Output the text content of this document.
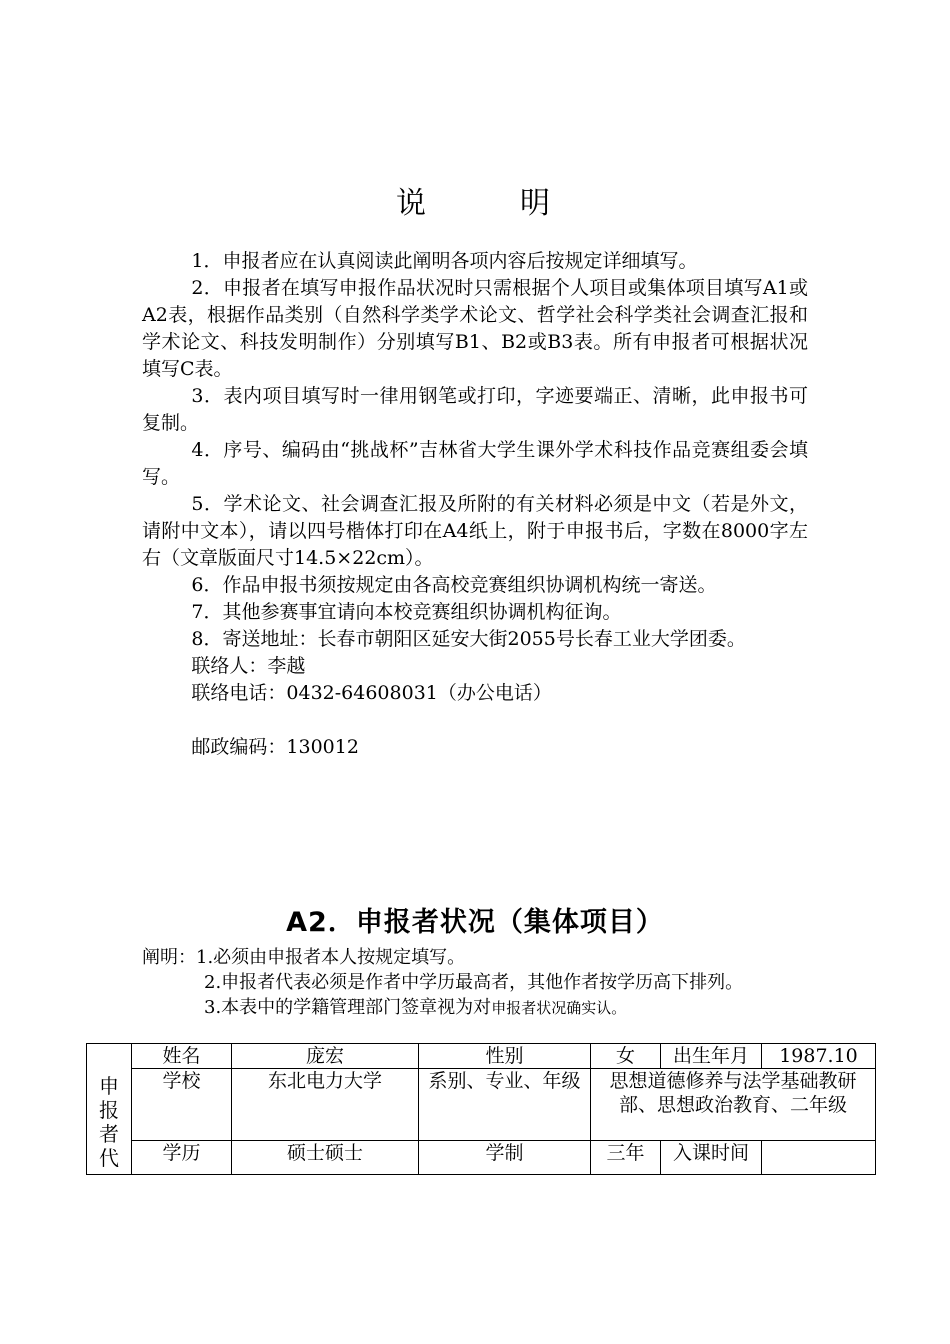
说	明

1．申报者应在认真阅读此阐明各项内容后按规定详细填写。

2．申报者在填写申报作品状况时只需根据个人项目或集体项目填写A1或A2表，根据作品类别（自然科学类学术论文、哲学社会科学类社会调查汇报和学术论文、科技发明制作）分别填写B1、B2或B3表。所有申报者可根据状况填写C表。

3．表内项目填写时一律用钢笔或打印，字迹要端正、清晰，此申报书可复制。

4．序号、编码由“挑战杯”吉林省大学生课外学术科技作品竞赛组委会填写。

5．学术论文、社会调查汇报及所附的有关材料必须是中文（若是外文，请附中文本），请以四号楷体打印在A4纸上，附于申报书后，字数在8000字左右（文章版面尺寸14.5×22cm）。

6．作品申报书须按规定由各高校竞赛组织协调机构统一寄送。

7．其他参赛事宜请向本校竞赛组织协调机构征询。

8．寄送地址：长春市朝阳区延安大街2055号长春工业大学团委。

联络人：李越

联络电话：0432-64608031（办公电话）

邮政编码：130012

A2．申报者状况（集体项目）

阐明：1.必须由申报者本人按规定填写。

2.申报者代表必须是作者中学历最高者，其他作者按学历高下排列。

3.本表中的学籍管理部门签章视为对申报者状况确实认。

申报者代	姓名	庞宏	性别	女	出生年月	1987.10
	学校	东北电力大学	系别、专业、年级	思想道德修养与法学基础教研部、思想政治教育、二年级		
	学历	硕士硕士	学制	三年	入课时间	
